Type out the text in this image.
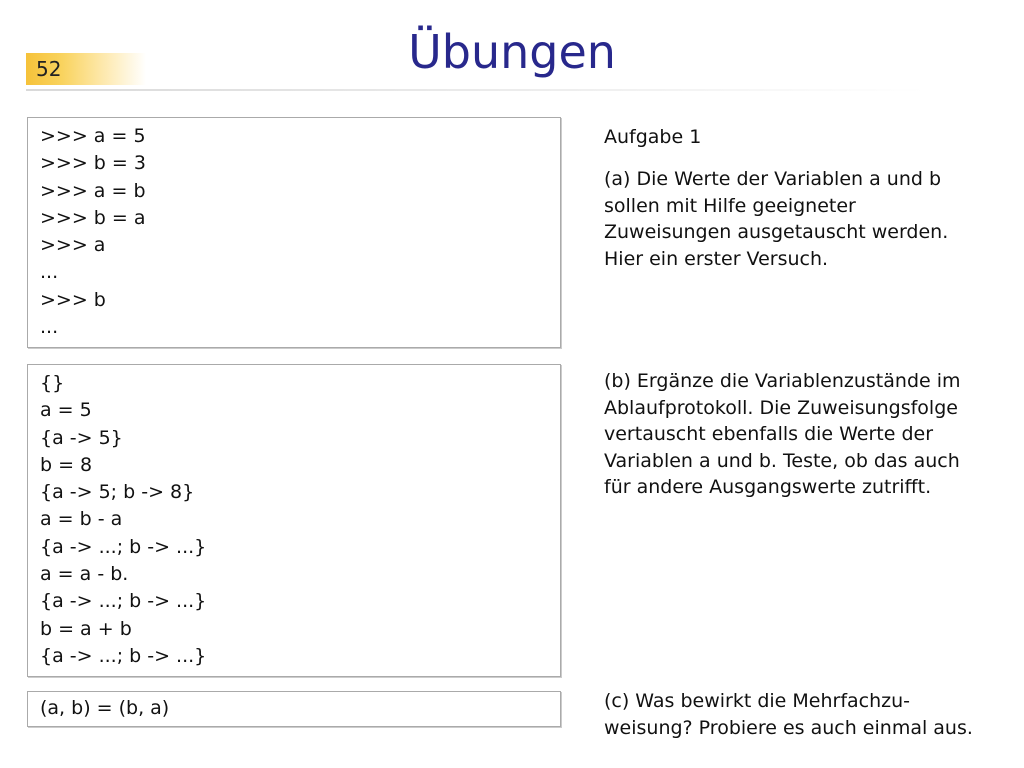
52	Übungen
>>> a = 5
>>> b = 3
>>> a = b
>>> b = a
>>> a
...
>>> b
...
{}
a = 5
{a -> 5}
b = 8
{a -> 5; b -> 8}
a = b - a
{a -> ...; b -> ...}
a = a - b.
{a -> ...; b -> ...}
b = a + b
{a -> ...; b -> ...}
(a, b) = (b, a)
Aufgabe 1
(a) Die Werte der Variablen a und b
sollen mit Hilfe geeigneter
Zuweisungen ausgetauscht werden.
Hier ein erster Versuch.
(b) Ergänze die Variablenzustände im
Ablaufprotokoll. Die Zuweisungsfolge
vertauscht ebenfalls die Werte der
Variablen a und b. Teste, ob das auch
für andere Ausgangswerte zutrifft.
(c) Was bewirkt die Mehrfachzu-
weisung? Probiere es auch einmal aus.
